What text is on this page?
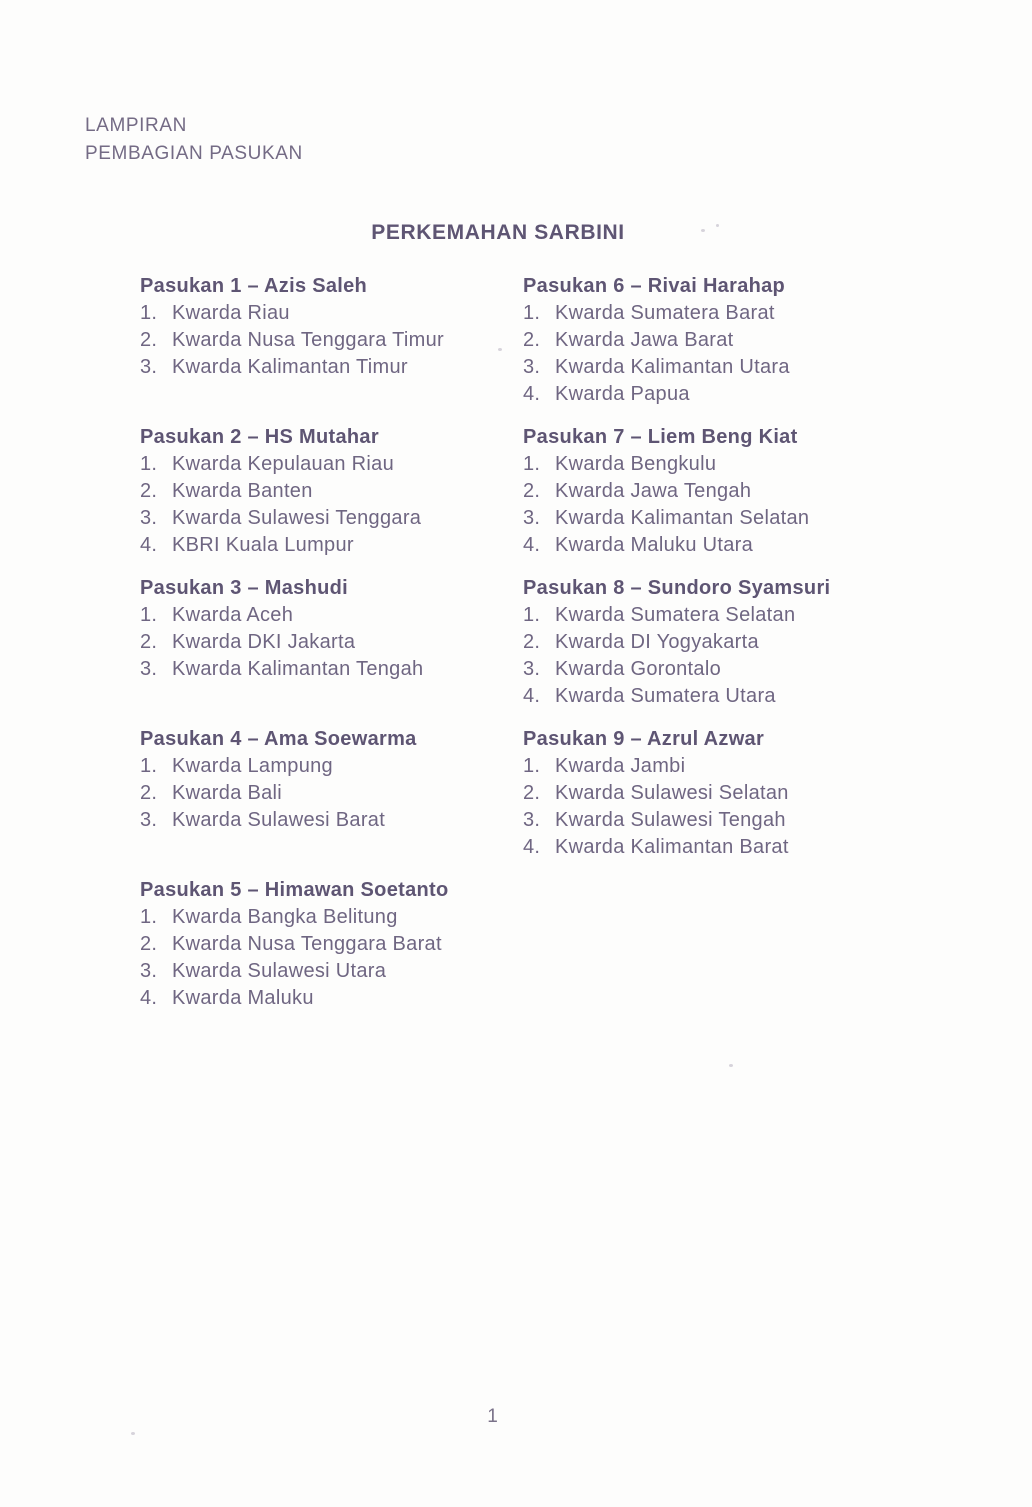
LAMPIRAN
PEMBAGIAN PASUKAN
PERKEMAHAN SARBINI
Pasukan 1 – Azis Saleh
1. Kwarda Riau
2. Kwarda Nusa Tenggara Timur
3. Kwarda Kalimantan Timur
Pasukan 6 – Rivai Harahap
1. Kwarda Sumatera Barat
2. Kwarda Jawa Barat
3. Kwarda Kalimantan Utara
4. Kwarda Papua
Pasukan 2 – HS Mutahar
1. Kwarda Kepulauan Riau
2. Kwarda Banten
3. Kwarda Sulawesi Tenggara
4. KBRI Kuala Lumpur
Pasukan 7 – Liem Beng Kiat
1. Kwarda Bengkulu
2. Kwarda Jawa Tengah
3. Kwarda Kalimantan Selatan
4. Kwarda Maluku Utara
Pasukan 3 – Mashudi
1. Kwarda Aceh
2. Kwarda DKI Jakarta
3. Kwarda Kalimantan Tengah
Pasukan 8 – Sundoro Syamsuri
1. Kwarda Sumatera Selatan
2. Kwarda DI Yogyakarta
3. Kwarda Gorontalo
4. Kwarda Sumatera Utara
Pasukan 4 – Ama Soewarma
1. Kwarda Lampung
2. Kwarda Bali
3. Kwarda Sulawesi Barat
Pasukan 9 – Azrul Azwar
1. Kwarda Jambi
2. Kwarda Sulawesi Selatan
3. Kwarda Sulawesi Tengah
4. Kwarda Kalimantan Barat
Pasukan 5 – Himawan Soetanto
1. Kwarda Bangka Belitung
2. Kwarda Nusa Tenggara Barat
3. Kwarda Sulawesi Utara
4. Kwarda Maluku
1
